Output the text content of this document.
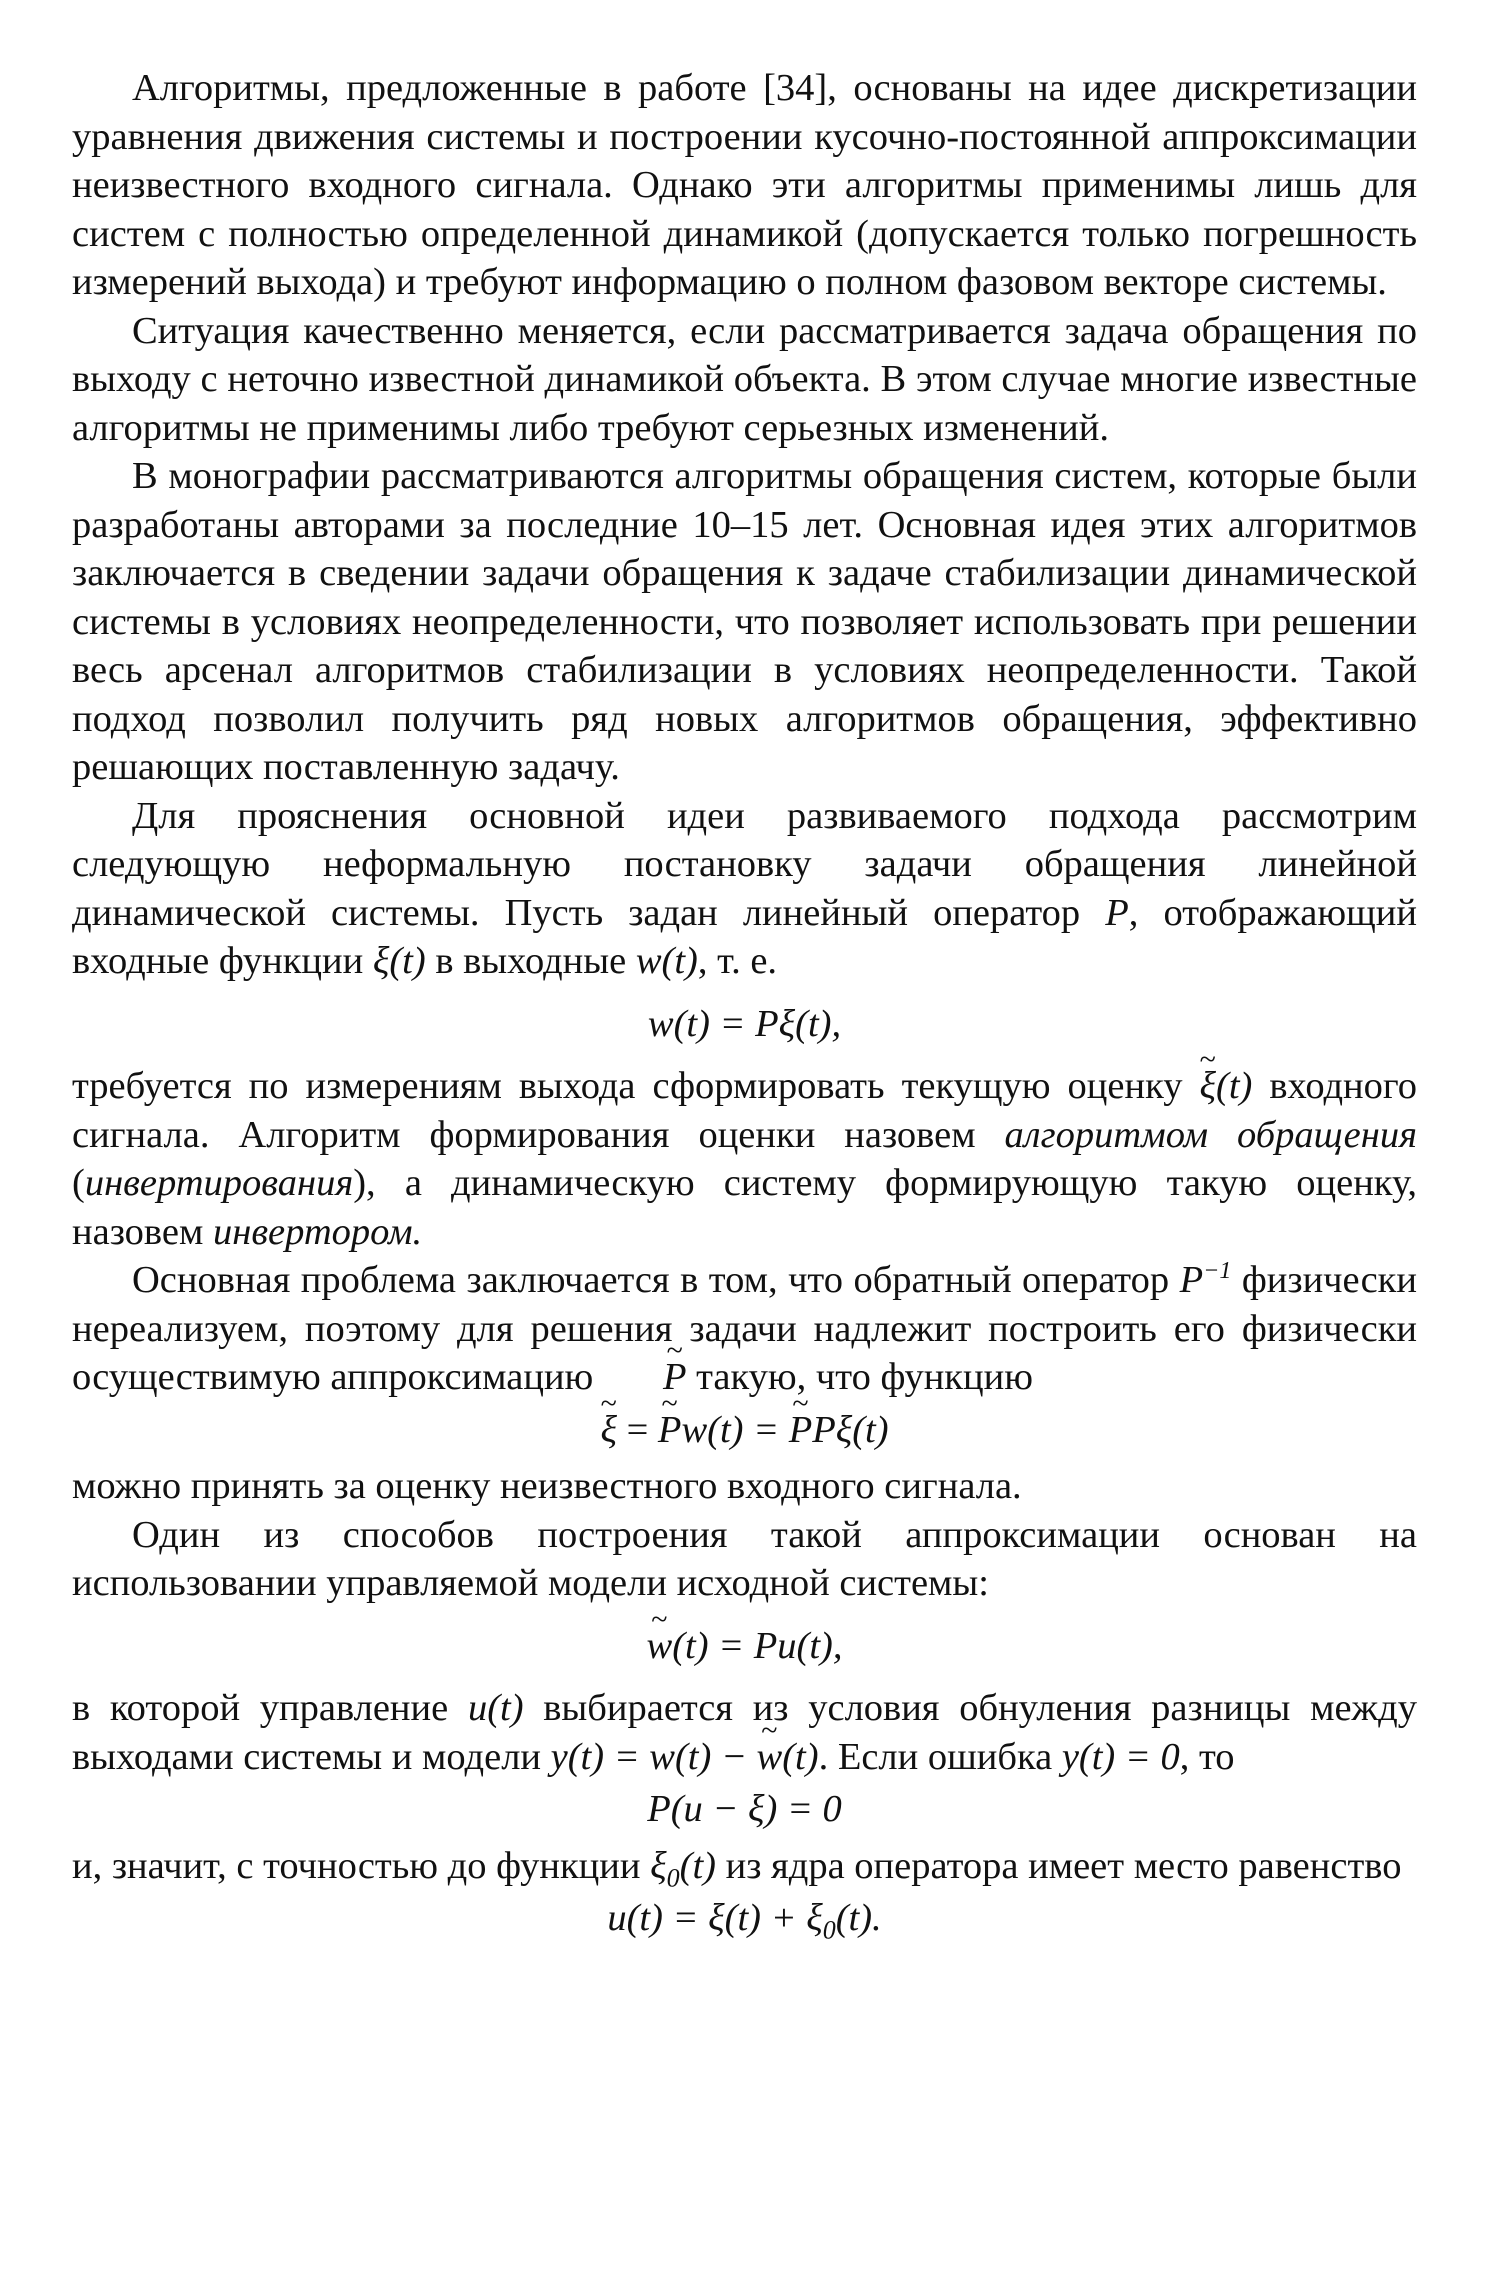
Алгоритмы, предложенные в работе [34], основаны на идее дискретизации уравнения движения системы и построении кусочно-постоянной аппроксимации неизвестного входного сигнала. Однако эти алгоритмы применимы лишь для систем с полностью определенной динамикой (допускается только погрешность измерений выхода) и требуют информацию о полном фазовом векторе системы.

Ситуация качественно меняется, если рассматривается задача обращения по выходу с неточно известной динамикой объекта. В этом случае многие известные алгоритмы не применимы либо требуют серьезных изменений.

В монографии рассматриваются алгоритмы обращения систем, которые были разработаны авторами за последние 10–15 лет. Основная идея этих алгоритмов заключается в сведении задачи обращения к задаче стабилизации динамической системы в условиях неопределенности, что позволяет использовать при решении весь арсенал алгоритмов стабилизации в условиях неопределенности. Такой подход позволил получить ряд новых алгоритмов обращения, эффективно решающих поставленную задачу.

Для прояснения основной идеи развиваемого подхода рассмотрим следующую неформальную постановку задачи обращения линейной динамической системы. Пусть задан линейный оператор P, отображающий входные функции ξ(t) в выходные w(t), т. е.

w(t) = Pξ(t),

требуется по измерениям выхода сформировать текущую оценку ~ ξ(t) входного сигнала. Алгоритм формирования оценки назовем алгоритмом обращения (инвертирования), а динамическую систему формирующую такую оценку, назовем инвертором.

Основная проблема заключается в том, что обратный оператор $P^{-1}$ физически нереализуем, поэтому для решения задачи надлежит построить его физически осуществимую аппроксимацию ~ P такую, что функцию

~ ξ = ~ Pw(t) = ~ PPξ(t)

можно принять за оценку неизвестного входного сигнала.

Один из способов построения такой аппроксимации основан на использовании управляемой модели исходной системы:

~ w(t) = Pu(t),

в которой управление u(t) выбирается из условия обнуления разницы между выходами системы и модели y(t) = w(t) − ~ w(t). Если ошибка y(t) = 0, то

P(u − ξ) = 0

и, значит, с точностью до функции $\xi_0(t)$ из ядра оператора имеет место равенство

$u(t) = \xi(t) + \xi_0(t)$.
